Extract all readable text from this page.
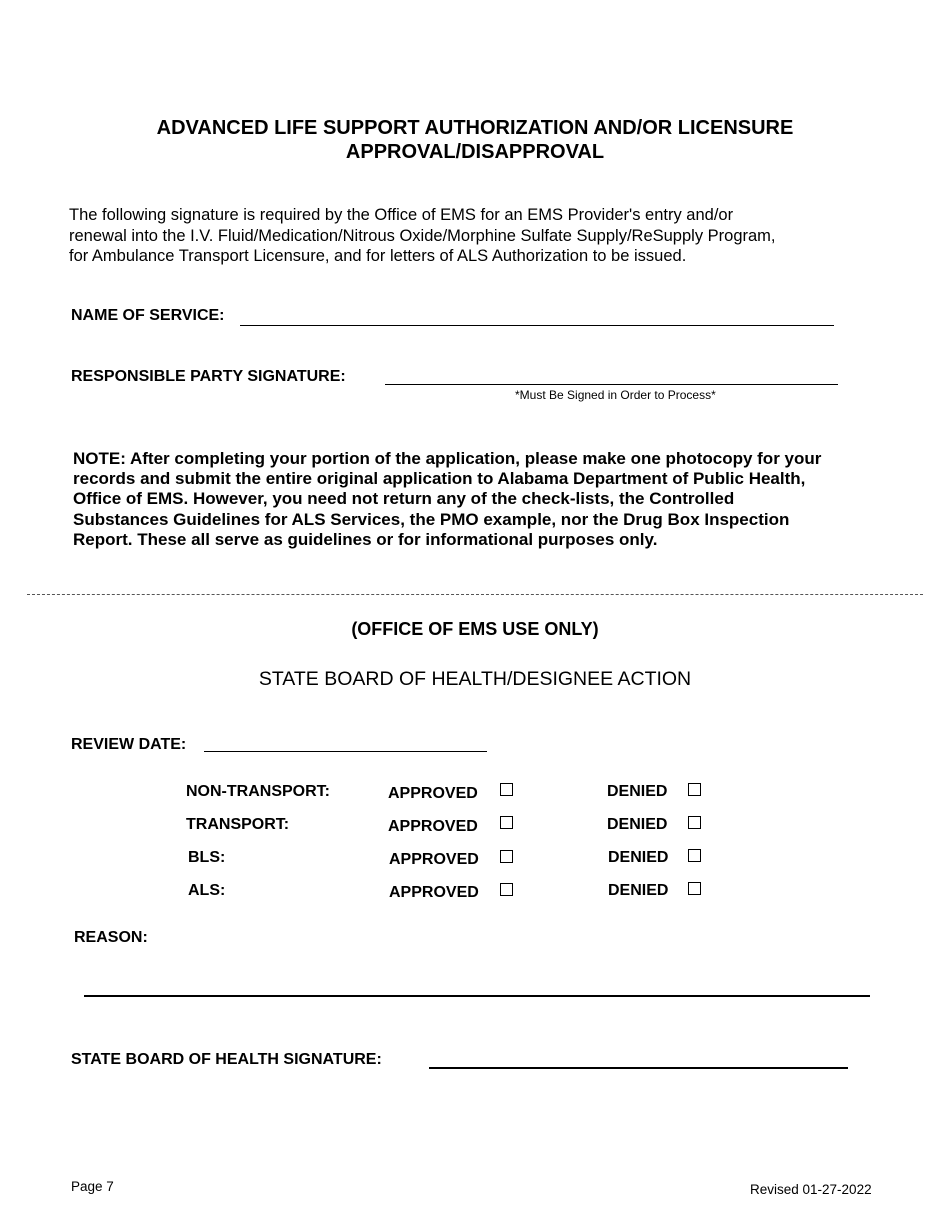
ADVANCED LIFE SUPPORT AUTHORIZATION AND/OR LICENSURE
APPROVAL/DISAPPROVAL
The following signature is required by the Office of EMS for an EMS Provider's entry and/or
renewal into the I.V. Fluid/Medication/Nitrous Oxide/Morphine Sulfate Supply/ReSupply Program,
for Ambulance Transport Licensure, and for letters of ALS Authorization to be issued.
NAME OF SERVICE:
RESPONSIBLE PARTY SIGNATURE:
*Must Be Signed in Order to Process*
NOTE: After completing your portion of the application, please make one photocopy for your
records and submit the entire original application to Alabama Department of Public Health,
Office of EMS. However, you need not return any of the check-lists, the Controlled
Substances Guidelines for ALS Services, the PMO example, nor the Drug Box Inspection
Report. These all serve as guidelines or for informational purposes only.
(OFFICE OF EMS USE ONLY)
STATE BOARD OF HEALTH/DESIGNEE ACTION
REVIEW DATE:
NON-TRANSPORT:	APPROVED	DENIED
TRANSPORT:	APPROVED	DENIED
BLS:	APPROVED	DENIED
ALS:	APPROVED	DENIED
REASON:
STATE BOARD OF HEALTH SIGNATURE:
Page 7	Revised 01-27-2022
